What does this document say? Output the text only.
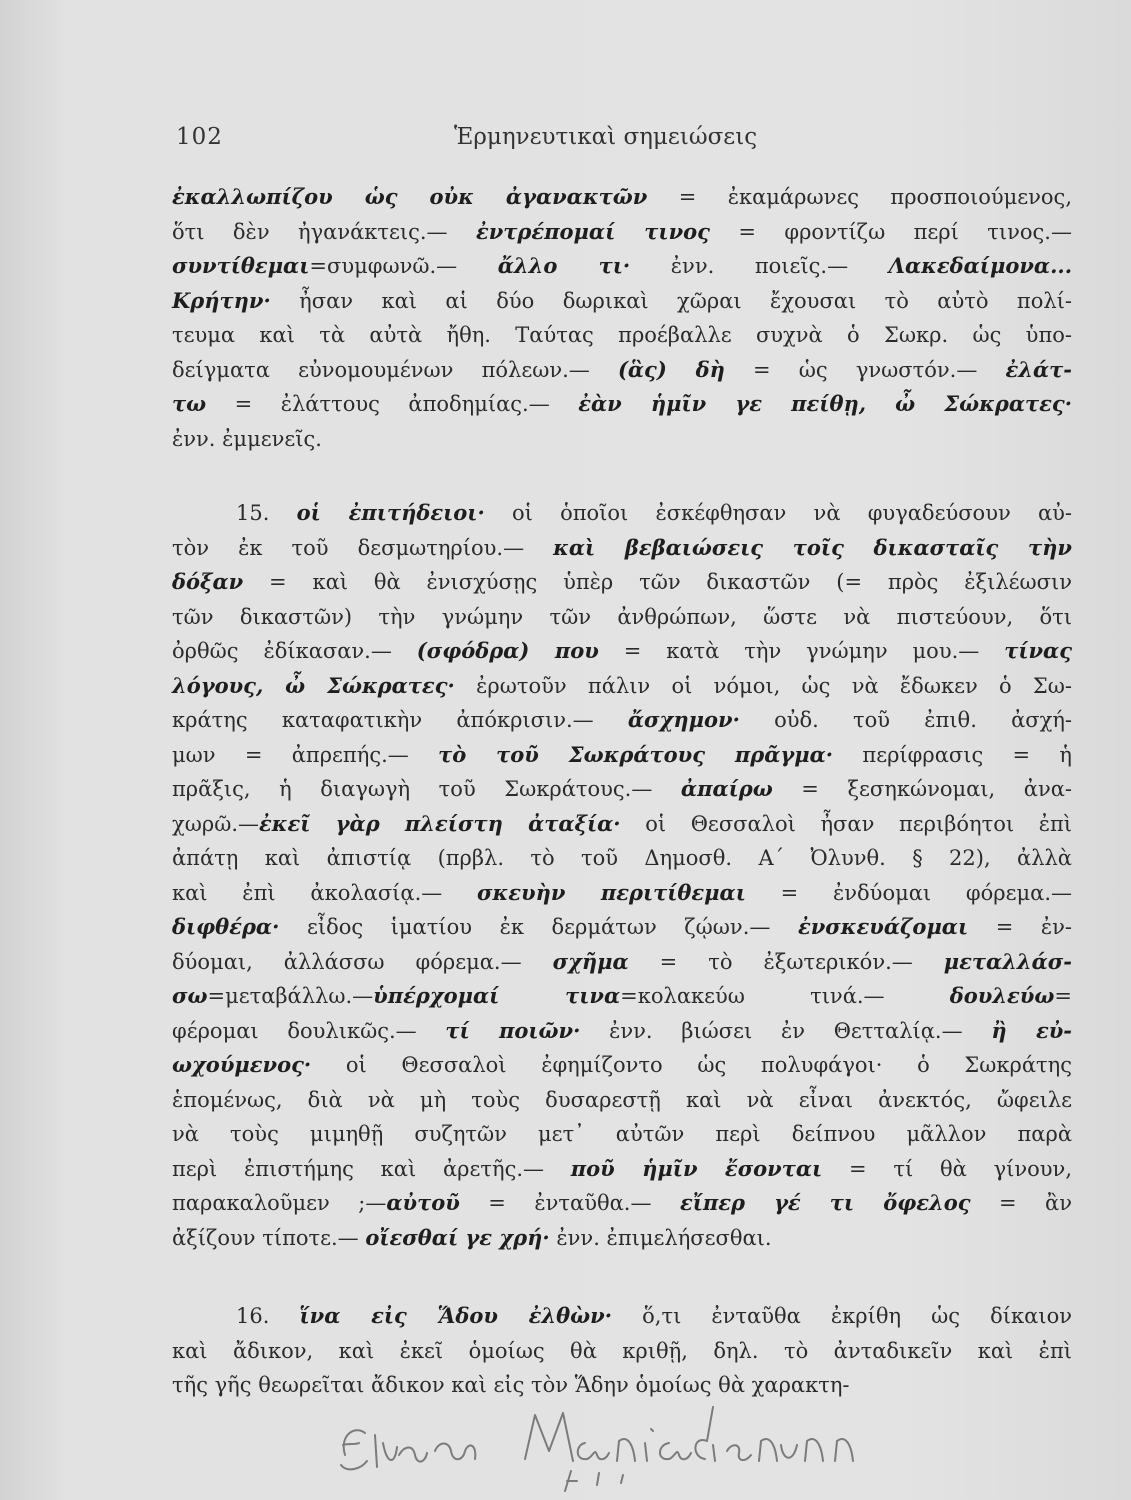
102	Ἑρμηνευτικαὶ σημειώσεις
ἐκαλλωπίζου ὡς οὐκ ἀγανακτῶν = ἐκαμάρωνες προσποιούμενος,
ὅτι δὲν ἠγανάκτεις.— ἐντρέπομαί τινος = φροντίζω περί τινος.—
συντίθεμαι=συμφωνῶ.— ἄλλο τι· ἐνν. ποιεῖς.— Λακεδαίμονα...
Κρήτην· ἦσαν καὶ αἱ δύο δωρικαὶ χῶραι ἔχουσαι τὸ αὐτὸ πολί-
τευμα καὶ τὰ αὐτὰ ἤθη. Ταύτας προέβαλλε συχνὰ ὁ Σωκρ. ὡς ὑπο-
δείγματα εὐνομουμένων πόλεων.— (ἃς) δὴ = ὡς γνωστόν.— ἐλάτ-
τω = ἐλάττους ἀποδημίας.— ἐὰν ἡμῖν γε πείθῃ, ὦ Σώκρατες·
ἐνν. ἐμμενεῖς.
15. οἱ ἐπιτήδειοι· οἱ ὁποῖοι ἐσκέφθησαν νὰ φυγαδεύσουν αὐ-
τὸν ἐκ τοῦ δεσμωτηρίου.— καὶ βεβαιώσεις τοῖς δικασταῖς τὴν
δόξαν = καὶ θὰ ἐνισχύσῃς ὑπὲρ τῶν δικαστῶν (= πρὸς ἐξιλέωσιν
τῶν δικαστῶν) τὴν γνώμην τῶν ἀνθρώπων, ὥστε νὰ πιστεύουν, ὅτι
ὀρθῶς ἐδίκασαν.— (σφόδρα) που = κατὰ τὴν γνώμην μου.— τίνας
λόγους, ὦ Σώκρατες· ἐρωτοῦν πάλιν οἱ νόμοι, ὡς νὰ ἔδωκεν ὁ Σω-
κράτης καταφατικὴν ἀπόκρισιν.— ἄσχημον· οὐδ. τοῦ ἐπιθ. ἀσχή-
μων = ἀπρεπής.— τὸ τοῦ Σωκράτους πρᾶγμα· περίφρασις = ἡ
πρᾶξις, ἡ διαγωγὴ τοῦ Σωκράτους.— ἀπαίρω = ξεσηκώνομαι, ἀνα-
χωρῶ.—ἐκεῖ γὰρ πλείστη ἀταξία· οἱ Θεσσαλοὶ ἦσαν περιβόητοι ἐπὶ
ἀπάτῃ καὶ ἀπιστίᾳ (πρβλ. τὸ τοῦ Δημοσθ. Α΄ Ὀλυνθ. § 22), ἀλλὰ
καὶ ἐπὶ ἀκολασίᾳ.— σκευὴν περιτίθεμαι = ἐνδύομαι φόρεμα.—
διφθέρα· εἶδος ἱματίου ἐκ δερμάτων ζῴων.— ἐνσκευάζομαι = ἐν-
δύομαι, ἀλλάσσω φόρεμα.— σχῆμα = τὸ ἐξωτερικόν.— μεταλλάσ-
σω=μεταβάλλω.—ὑπέρχομαί τινα=κολακεύω τινά.— δουλεύω=
φέρομαι δουλικῶς.— τί ποιῶν· ἐνν. βιώσει ἐν Θετταλίᾳ.— ἢ εὐ-
ωχούμενος· οἱ Θεσσαλοὶ ἐφημίζοντο ὡς πολυφάγοι· ὁ Σωκράτης
ἑπομένως, διὰ νὰ μὴ τοὺς δυσαρεστῇ καὶ νὰ εἶναι ἀνεκτός, ὤφειλε
νὰ τοὺς μιμηθῇ συζητῶν μετ᾽ αὐτῶν περὶ δείπνου μᾶλλον παρὰ
περὶ ἐπιστήμης καὶ ἀρετῆς.— ποῦ ἡμῖν ἔσονται = τί θὰ γίνουν,
παρακαλοῦμεν ;—αὐτοῦ = ἐνταῦθα.— εἴπερ γέ τι ὄφελος = ἂν
ἀξίζουν τίποτε.— οἴεσθαί γε χρή· ἐνν. ἐπιμελήσεσθαι.
16. ἵνα εἰς Ἅδου ἐλθὼν· ὅ,τι ἐνταῦθα ἐκρίθη ὡς δίκαιον
καὶ ἄδικον, καὶ ἐκεῖ ὁμοίως θὰ κριθῇ, δηλ. τὸ ἀνταδικεῖν καὶ ἐπὶ
τῆς γῆς θεωρεῖται ἄδικον καὶ εἰς τὸν Ἅδην ὁμοίως θὰ χαρακτη-
